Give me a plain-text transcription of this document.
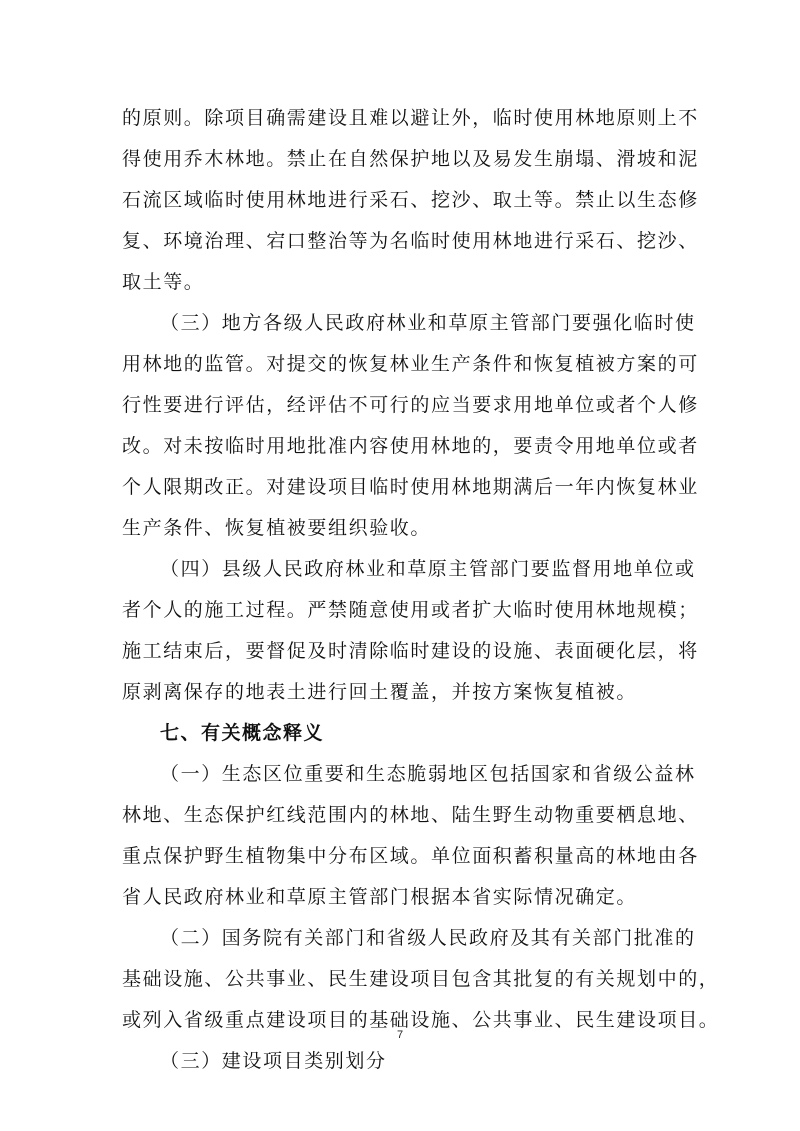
的原则。除项目确需建设且难以避让外，临时使用林地原则上不
得使用乔木林地。禁止在自然保护地以及易发生崩塌、滑坡和泥
石流区域临时使用林地进行采石、挖沙、取土等。禁止以生态修
复、环境治理、宕口整治等为名临时使用林地进行采石、挖沙、
取土等。
（三）地方各级人民政府林业和草原主管部门要强化临时使
用林地的监管。对提交的恢复林业生产条件和恢复植被方案的可
行性要进行评估，经评估不可行的应当要求用地单位或者个人修
改。对未按临时用地批准内容使用林地的，要责令用地单位或者
个人限期改正。对建设项目临时使用林地期满后一年内恢复林业
生产条件、恢复植被要组织验收。
（四）县级人民政府林业和草原主管部门要监督用地单位或
者个人的施工过程。严禁随意使用或者扩大临时使用林地规模；
施工结束后，要督促及时清除临时建设的设施、表面硬化层，将
原剥离保存的地表土进行回土覆盖，并按方案恢复植被。
七、有关概念释义
（一）生态区位重要和生态脆弱地区包括国家和省级公益林
林地、生态保护红线范围内的林地、陆生野生动物重要栖息地、
重点保护野生植物集中分布区域。单位面积蓄积量高的林地由各
省人民政府林业和草原主管部门根据本省实际情况确定。
（二）国务院有关部门和省级人民政府及其有关部门批准的
基础设施、公共事业、民生建设项目包含其批复的有关规划中的，
或列入省级重点建设项目的基础设施、公共事业、民生建设项目。
（三）建设项目类别划分
7
